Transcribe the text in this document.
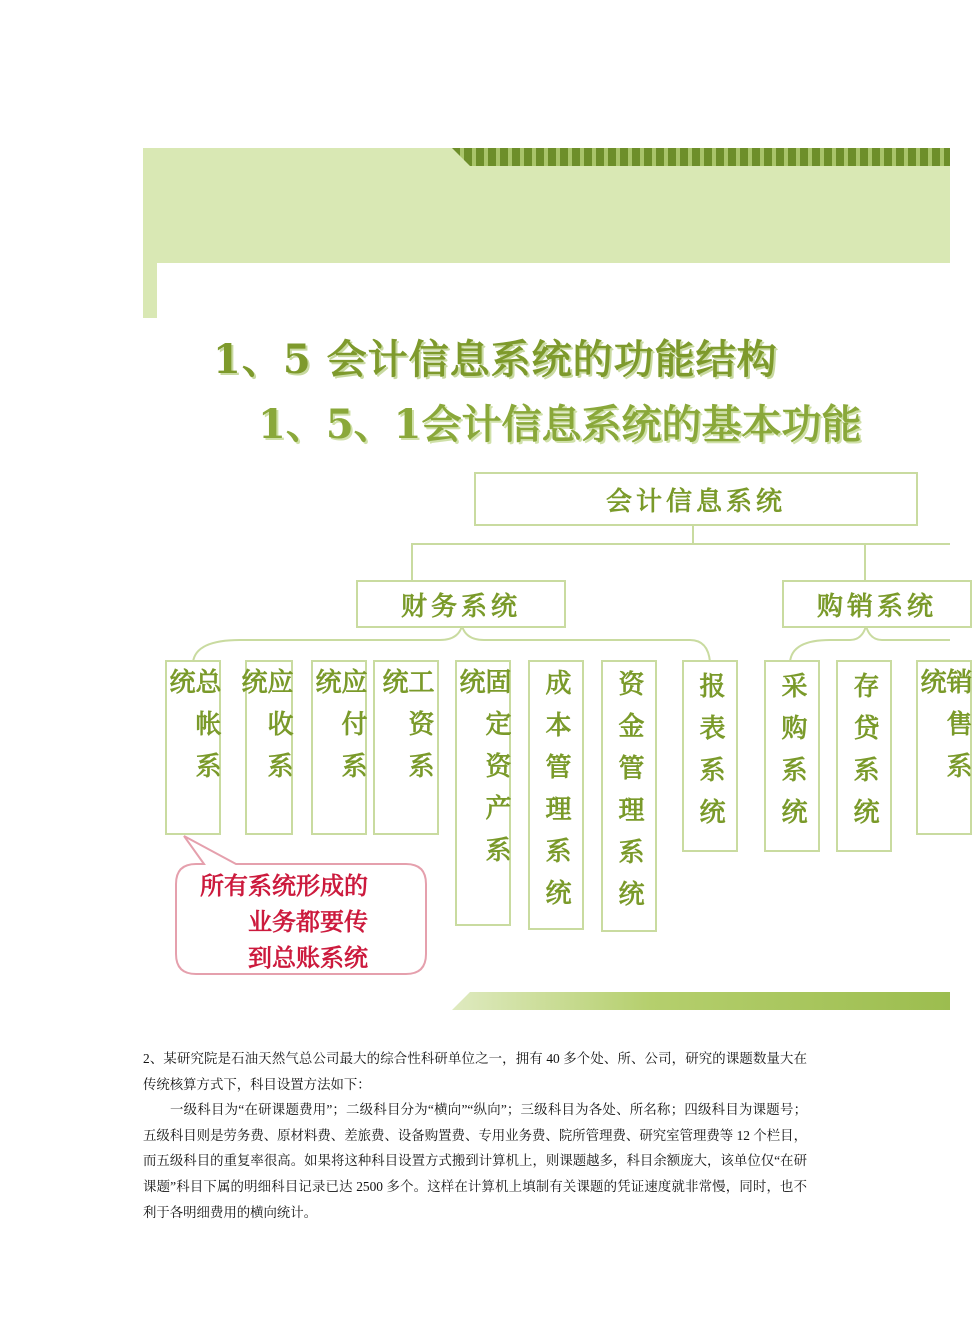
1、5 会计信息系统的功能结构
1、5、1会计信息系统的基本功能
会计信息系统
财务系统	购销系统
总帐系统	应收系统	应付系统	工资系统	固定资产系统	成本管理系统	资金管理系统	报表系统	采购系统	存贷系统	销售系统
所有系统形成的
业务都要传
到总账系统

2、某研究院是石油天然气总公司最大的综合性科研单位之一，拥有 40 多个处、所、公司，研究的课题数量大在传统核算方式下，科目设置方法如下：

一级科目为“在研课题费用”；二级科目分为“横向”“纵向”；三级科目为各处、所名称；四级科目为课题号；五级科目则是劳务费、原材料费、差旅费、设备购置费、专用业务费、院所管理费、研究室管理费等 12 个栏目，而五级科目的重复率很高。如果将这种科目设置方式搬到计算机上，则课题越多，科目余额庞大，该单位仅“在研课题”科目下属的明细科目记录已达 2500 多个。这样在计算机上填制有关课题的凭证速度就非常慢，同时，也不利于各明细费用的横向统计。
